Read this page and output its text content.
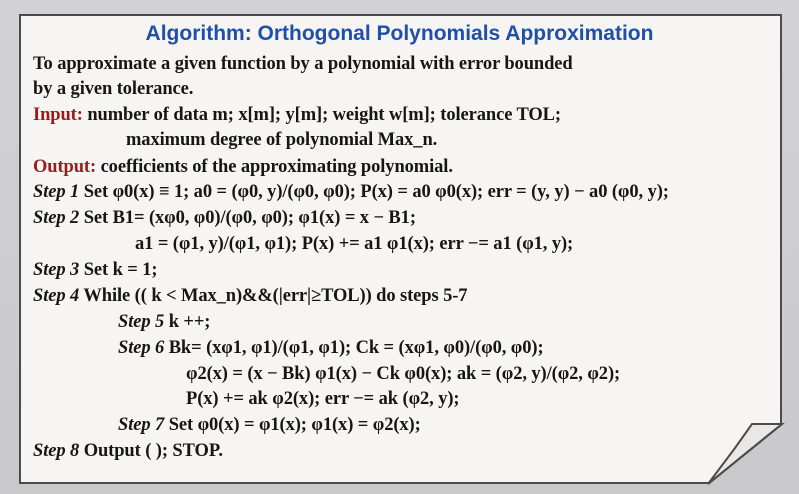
Algorithm: Orthogonal Polynomials Approximation
To approximate a given function by a polynomial with error bounded
by a given tolerance.
Input: number of data m; x[m]; y[m]; weight w[m]; tolerance TOL;
maximum degree of polynomial Max_n.
Output: coefficients of the approximating polynomial.
Step 1 Set φ0(x) ≡ 1; a0 = (φ0, y)/(φ0, φ0); P(x) = a0 φ0(x); err = (y, y) − a0 (φ0, y);
Step 2 Set B1= (xφ0, φ0)/(φ0, φ0); φ1(x) = x − B1;
a1 = (φ1, y)/(φ1, φ1); P(x) += a1 φ1(x); err −= a1 (φ1, y);
Step 3 Set k = 1;
Step 4 While (( k < Max_n)&&(|err|≥TOL)) do steps 5-7
Step 5 k ++;
Step 6 Bk= (xφ1, φ1)/(φ1, φ1); Ck = (xφ1, φ0)/(φ0, φ0);
φ2(x) = (x − Bk) φ1(x) − Ck φ0(x); ak = (φ2, y)/(φ2, φ2);
P(x) += ak φ2(x); err −= ak (φ2, y);
Step 7 Set φ0(x) = φ1(x); φ1(x) = φ2(x);
Step 8 Output ( ); STOP.
